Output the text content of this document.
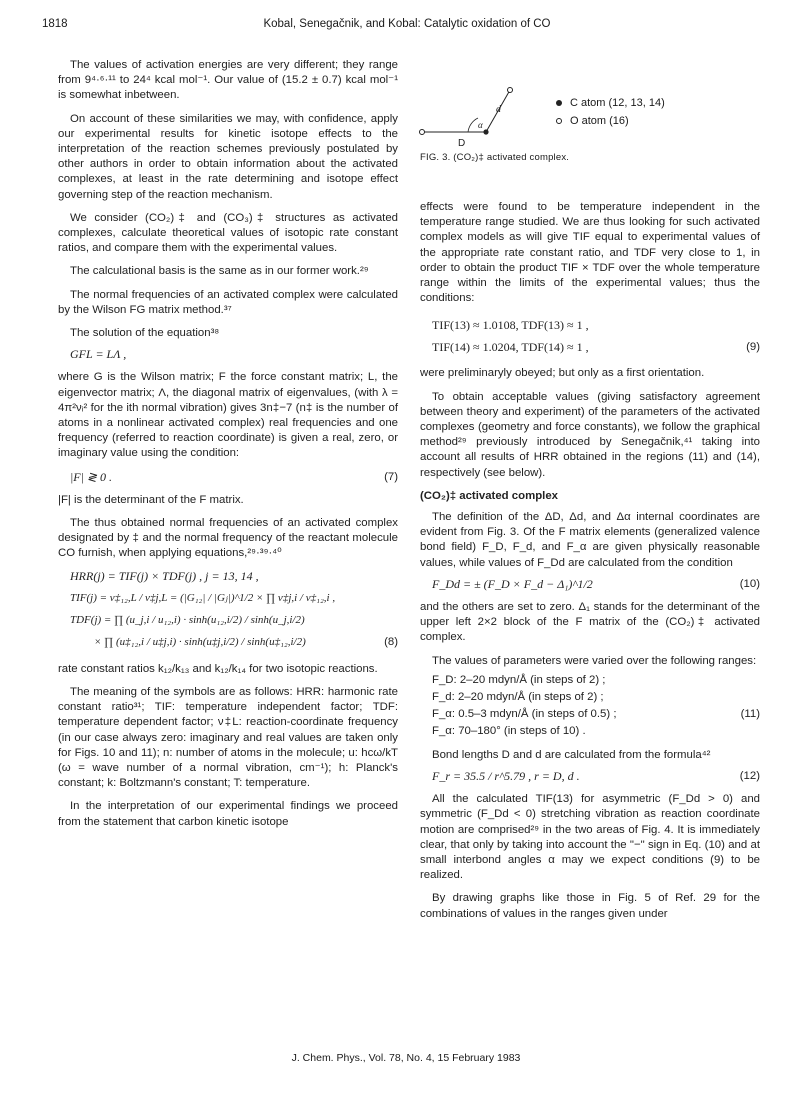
1818	Kobal, Senegačnik, and Kobal: Catalytic oxidation of CO

The values of activation energies are very different; they range from 9⁴·⁶·¹¹ to 24⁴ kcal mol⁻¹. Our value of (15.2 ± 0.7) kcal mol⁻¹ is somewhat inbetween.

On account of these similarities we may, with confidence, apply our experimental results for kinetic isotope effects to the interpretation of the reaction schemes previously postulated by other authors in order to obtain information about the activated complexes, at least in the rate determining and isotope effect governing step of the reaction mechanism.

We consider (CO₂)‡ and (CO₃)‡ structures as activated complexes, calculate theoretical values of isotopic rate constant ratios, and compare them with the experimental values.

The calculational basis is the same as in our former work.²⁹

The normal frequencies of an activated complex were calculated by the Wilson FG matrix method.³⁷

The solution of the equation³⁸

GFL = LΛ ,

where G is the Wilson matrix; F the force constant matrix; L, the eigenvector matrix; Λ, the diagonal matrix of eigenvalues, (with λ = 4π²νᵢ² for the ith normal vibration) gives 3n‡−7 (n‡ is the number of atoms in a nonlinear activated complex) real frequencies and one frequency (referred to reaction coordinate) is given a real, zero, or imaginary value using the condition:

|F| ≷ 0 .	(7)

|F| is the determinant of the F matrix.

The thus obtained normal frequencies of an activated complex designated by ‡ and the normal frequency of the reactant molecule CO furnish, when applying equations,²⁹·³⁹·⁴⁰

HRR(j) = TIF(j) × TDF(j) , j = 13, 14 ,
TIF(j) = ν‡₁₂,L / ν‡j,L = (|G₁₂| / |Gⱼ|)^1/2 × ∏ ν‡j,i / ν‡₁₂,i ,
TDF(j) = ∏ (u_j,i / u₁₂,i) · sinh(u₁₂,i/2) / sinh(u_j,i/2)
× ∏ (u‡₁₂,i / u‡j,i) · sinh(u‡j,i/2) / sinh(u‡₁₂,i/2)	(8)

rate constant ratios k₁₂/k₁₃ and k₁₂/k₁₄ for two isotopic reactions.

The meaning of the symbols are as follows: HRR: harmonic rate constant ratio³¹; TIF: temperature independent factor; TDF: temperature dependent factor; ν‡L: reaction-coordinate frequency (in our case always zero: imaginary and real values are taken only for Figs. 10 and 11); n: number of atoms in the molecule; u: hcω/kT (ω = wave number of a normal vibration, cm⁻¹); h: Planck's constant; k: Boltzmann's constant; T: temperature.

In the interpretation of our experimental findings we proceed from the statement that carbon kinetic isotope

D
d
α
C atom (12, 13, 14)
O atom (16)
FIG. 3. (CO₂)‡ activated complex.

effects were found to be temperature independent in the temperature range studied. We are thus looking for such activated complex models as will give TIF equal to experimental values of the appropriate rate constant ratio, and TDF very close to 1, in order to obtain the product TIF × TDF over the whole temperature range within the limits of the experimental values; thus the conditions:

TIF(13) ≈ 1.0108, TDF(13) ≈ 1 ,
TIF(14) ≈ 1.0204, TDF(14) ≈ 1 ,	(9)

were preliminaryly obeyed; but only as a first orientation.

To obtain acceptable values (giving satisfactory agreement between theory and experiment) of the parameters of the activated complexes (geometry and force constants), we follow the graphical method²⁹ previously introduced by Senegačnik,⁴¹ taking into account all results of HRR obtained in the regions (11) and (14), respectively (see below).

(CO₂)‡ activated complex

The definition of the ΔD, Δd, and Δα internal coordinates are evident from Fig. 3. Of the F matrix elements (generalized valence bond field) F_D, F_d, and F_α are given physically reasonable values, while values of F_Dd are calculated from the condition

F_Dd = ± (F_D × F_d − Δ₁)^1/2	(10)

and the others are set to zero. Δ₁ stands for the determinant of the upper left 2×2 block of the F matrix of the (CO₂)‡ activated complex.

The values of parameters were varied over the following ranges:

F_D: 2–20 mdyn/Å (in steps of 2) ;
F_d: 2–20 mdyn/Å (in steps of 2) ;
F_α: 0.5–3 mdyn/Å (in steps of 0.5) ;
F_α: 70–180° (in steps of 10) .
(11)

Bond lengths D and d are calculated from the formula⁴²

F_r = 35.5 / r^5.79 , r = D, d .	(12)

All the calculated TIF(13) for asymmetric (F_Dd > 0) and symmetric (F_Dd < 0) stretching vibration as reaction coordinate motion are comprised²⁹ in the two areas of Fig. 4. It is immediately clear, that only by taking into account the "−" sign in Eq. (10) and at small interbond angles α may we expect conditions (9) to be realized.

By drawing graphs like those in Fig. 5 of Ref. 29 for the combinations of values in the ranges given under

J. Chem. Phys., Vol. 78, No. 4, 15 February 1983
